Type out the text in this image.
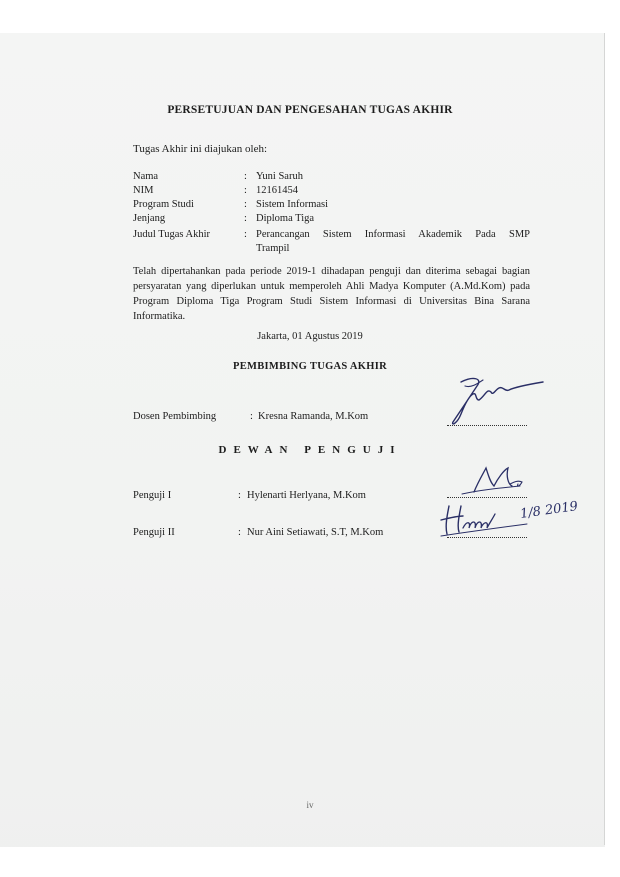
PERSETUJUAN DAN PENGESAHAN TUGAS AKHIR
Tugas Akhir ini diajukan oleh:
Nama	: Yuni Saruh
NIM	: 12161454
Program Studi	: Sistem Informasi
Jenjang	: Diploma Tiga
Judul Tugas Akhir	: Perancangan Sistem Informasi Akademik Pada SMP
Trampil
Telah dipertahankan pada periode 2019-1 dihadapan penguji dan diterima sebagai bagian persyaratan yang diperlukan untuk memperoleh Ahli Madya Komputer (A.Md.Kom) pada Program Diploma Tiga Program Studi Sistem Informasi di Universitas Bina Sarana Informatika.
Jakarta, 01 Agustus 2019
PEMBIMBING TUGAS AKHIR
Dosen Pembimbing	: Kresna Ramanda, M.Kom
DEWAN PENGUJI
Penguji I	: Hylenarti Herlyana, M.Kom
1/8 2019
Penguji II	: Nur Aini Setiawati, S.T, M.Kom
iv
